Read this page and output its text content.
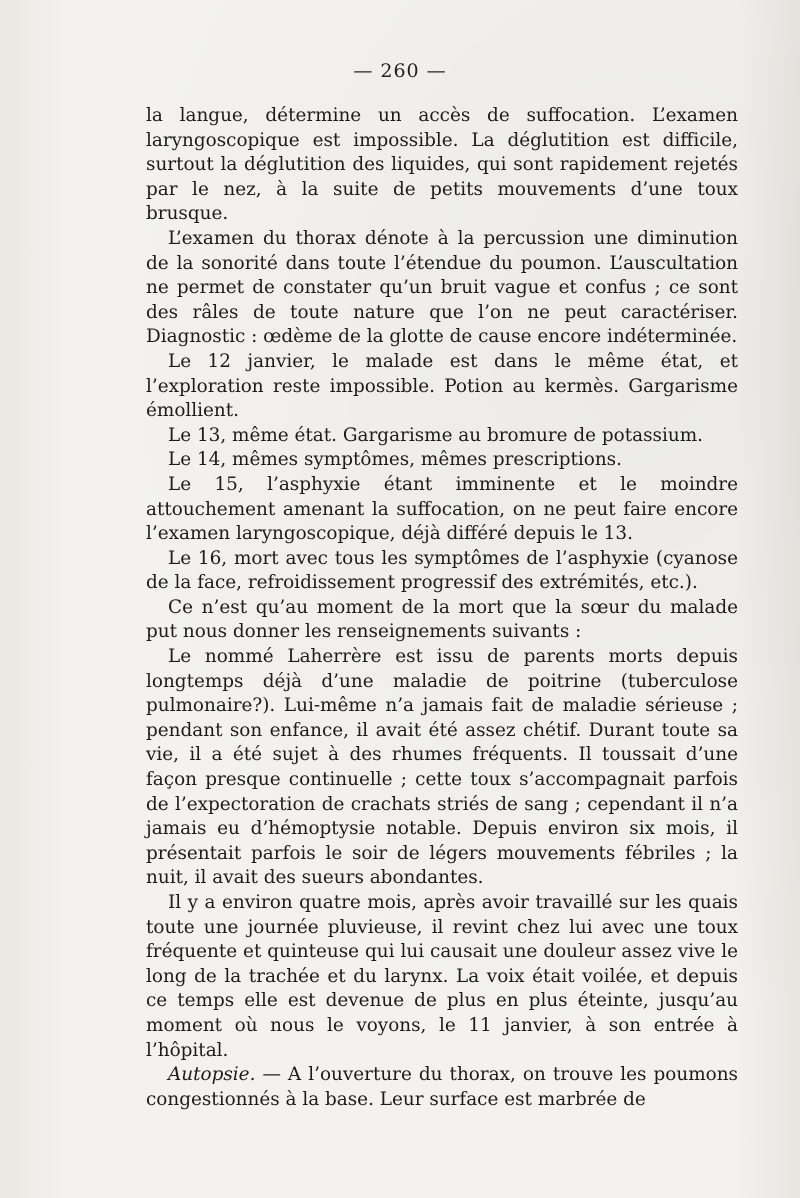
— 260 —

la langue, détermine un accès de suffocation. L’examen laryngoscopique est impossible. La déglutition est difficile, surtout la déglutition des liquides, qui sont rapidement rejetés par le nez, à la suite de petits mouvements d’une toux brusque.

L’examen du thorax dénote à la percussion une diminution de la sonorité dans toute l’étendue du poumon. L’auscultation ne permet de constater qu’un bruit vague et confus ; ce sont des râles de toute nature que l’on ne peut caractériser. Diagnostic : œdème de la glotte de cause encore indéterminée.

Le 12 janvier, le malade est dans le même état, et l’exploration reste impossible. Potion au kermès. Gargarisme émollient.

Le 13, même état. Gargarisme au bromure de potassium.

Le 14, mêmes symptômes, mêmes prescriptions.

Le 15, l’asphyxie étant imminente et le moindre attouchement amenant la suffocation, on ne peut faire encore l’examen laryngoscopique, déjà différé depuis le 13.

Le 16, mort avec tous les symptômes de l’asphyxie (cyanose de la face, refroidissement progressif des extrémités, etc.).

Ce n’est qu’au moment de la mort que la sœur du malade put nous donner les renseignements suivants :

Le nommé Laherrère est issu de parents morts depuis longtemps déjà d’une maladie de poitrine (tuberculose pulmonaire?). Lui-même n’a jamais fait de maladie sérieuse ; pendant son enfance, il avait été assez chétif. Durant toute sa vie, il a été sujet à des rhumes fréquents. Il toussait d’une façon presque continuelle ; cette toux s’accompagnait parfois de l’expectoration de crachats striés de sang ; cependant il n’a jamais eu d’hémoptysie notable. Depuis environ six mois, il présentait parfois le soir de légers mouvements fébriles ; la nuit, il avait des sueurs abondantes.

Il y a environ quatre mois, après avoir travaillé sur les quais toute une journée pluvieuse, il revint chez lui avec une toux fréquente et quinteuse qui lui causait une douleur assez vive le long de la trachée et du larynx. La voix était voilée, et depuis ce temps elle est devenue de plus en plus éteinte, jusqu’au moment où nous le voyons, le 11 janvier, à son entrée à l’hôpital.

Autopsie. — A l’ouverture du thorax, on trouve les poumons congestionnés à la base. Leur surface est marbrée de
